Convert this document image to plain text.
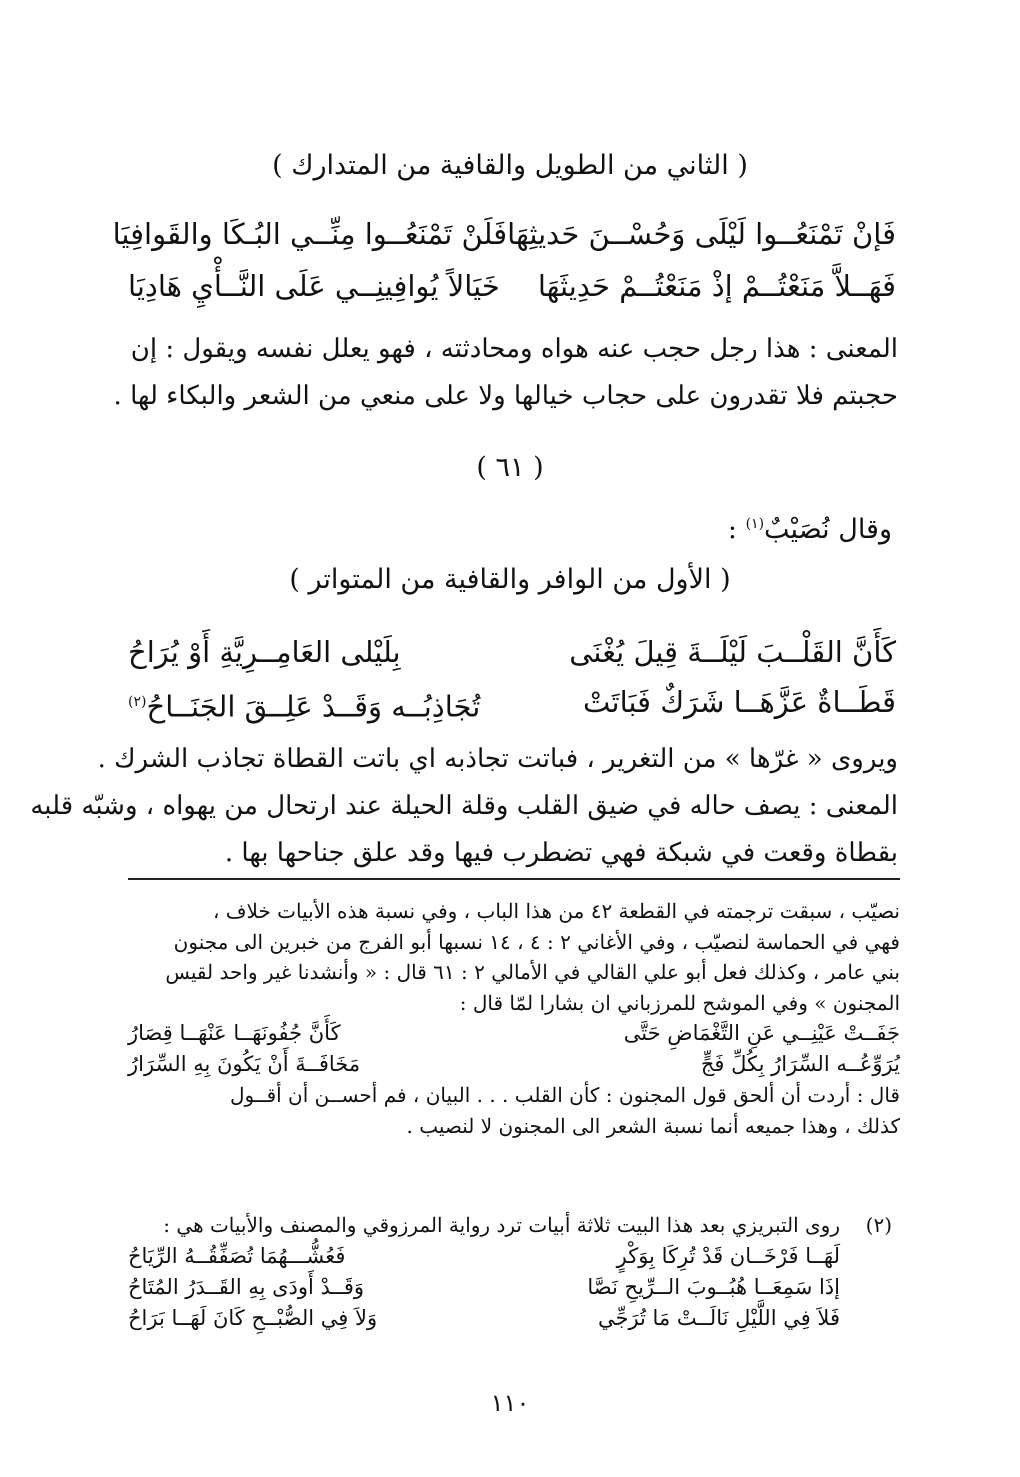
( الثاني من الطويل والقافية من المتدارك )
فَإنْ تَمْنَعُــوا لَيْلَى وَحُسْــنَ حَديثِهَا
فَلَنْ تَمْنَعُــوا مِنِّــي البُـكَا والقَوافِيَا
فَهَــلاَّ مَنَعْتُــمْ إذْ مَنَعْتُــمْ حَدِيثَهَا
خَيَالاً يُوافِينِــي عَلَى النَّــأْيِ هَادِيَا
المعنى : هذا رجل حجب عنه هواه ومحادثته ، فهو يعلل نفسه ويقول : إن
حجبتم فلا تقدرون على حجاب خيالها ولا على منعي من الشعر والبكاء لها .
( ٦١ )
وقال نُصَيْبٌ$^{(١)}$ :
( الأول من الوافر والقافية من المتواتر )
كَأَنَّ القَلْــبَ لَيْلَــةَ قِيلَ يُغْنَى
بِلَيْلى العَامِــرِيَّةِ أَوْ يُرَاحُ
قَطَــاةٌ عَزَّهَــا شَرَكٌ فَبَاتَتْ
تُجَاذِبُــه وَقَــدْ عَلِــقَ الجَنَــاحُ$^{(٢)}$
ويروى « غرّها » من التغرير ، فباتت تجاذبه اي باتت القطاة تجاذب الشرك .
المعنى : يصف حاله في ضيق القلب وقلة الحيلة عند ارتحال من يهواه ، وشبّه قلبه
بقطاة وقعت في شبكة فهي تضطرب فيها وقد علق جناحها بها .
نصيّب ، سبقت ترجمته في القطعة ٤٢ من هذا الباب ، وفي نسبة هذه الأبيات خلاف ،
فهي في الحماسة لنصيّب ، وفي الأغاني ٢ : ٤ ، ١٤ نسبها أبو الفرج من خبرين الى مجنون
بني عامر ، وكذلك فعل أبو علي القالي في الأمالي ٢ : ٦١ قال : « وأنشدنا غير واحد لقيس
المجنون » وفي الموشح للمرزباني ان بشارا لمّا قال :
جَفَــتْ عَيْنِــي عَنِ التَّغْمَاضِ حَتَّى
كَأَنَّ جُفُونَهَــا عَنْهَــا قِصَارُ
يُرَوِّعُــه السِّرَارُ بِكُلِّ فَجٍّ
مَخَافَــةَ أَنْ يَكُونَ بِهِ السِّرَارُ
قال : أردت أن ألحق قول المجنون : كأن القلب . . . البيان ، فم أحســن أن أقــول
كذلك ، وهذا جميعه أنما نسبة الشعر الى المجنون لا لنصيب .
(٢)
روى التبريزي بعد هذا البيت ثلاثة أبيات ترد رواية المرزوقي والمصنف والأبيات هي :
لَهَــا فَرْخَــان قَدْ تُرِكَا بِوَكْرٍ
فَعُشُّـــهُمَا تُصَفِّقُــهُ الرِّيَاحُ
إذَا سَمِعَــا هُبُــوبَ الــرِّيحِ نَصَّا
وَقَــدْ أَودَى بِهِ القَــدَرُ المُتَاحُ
فَلاَ فِي اللَّيْلِ نَالَــتْ مَا تُرَجِّي
وَلاَ فِي الصُّبْــحِ كَانَ لَهَــا بَرَاحُ
١١٠
